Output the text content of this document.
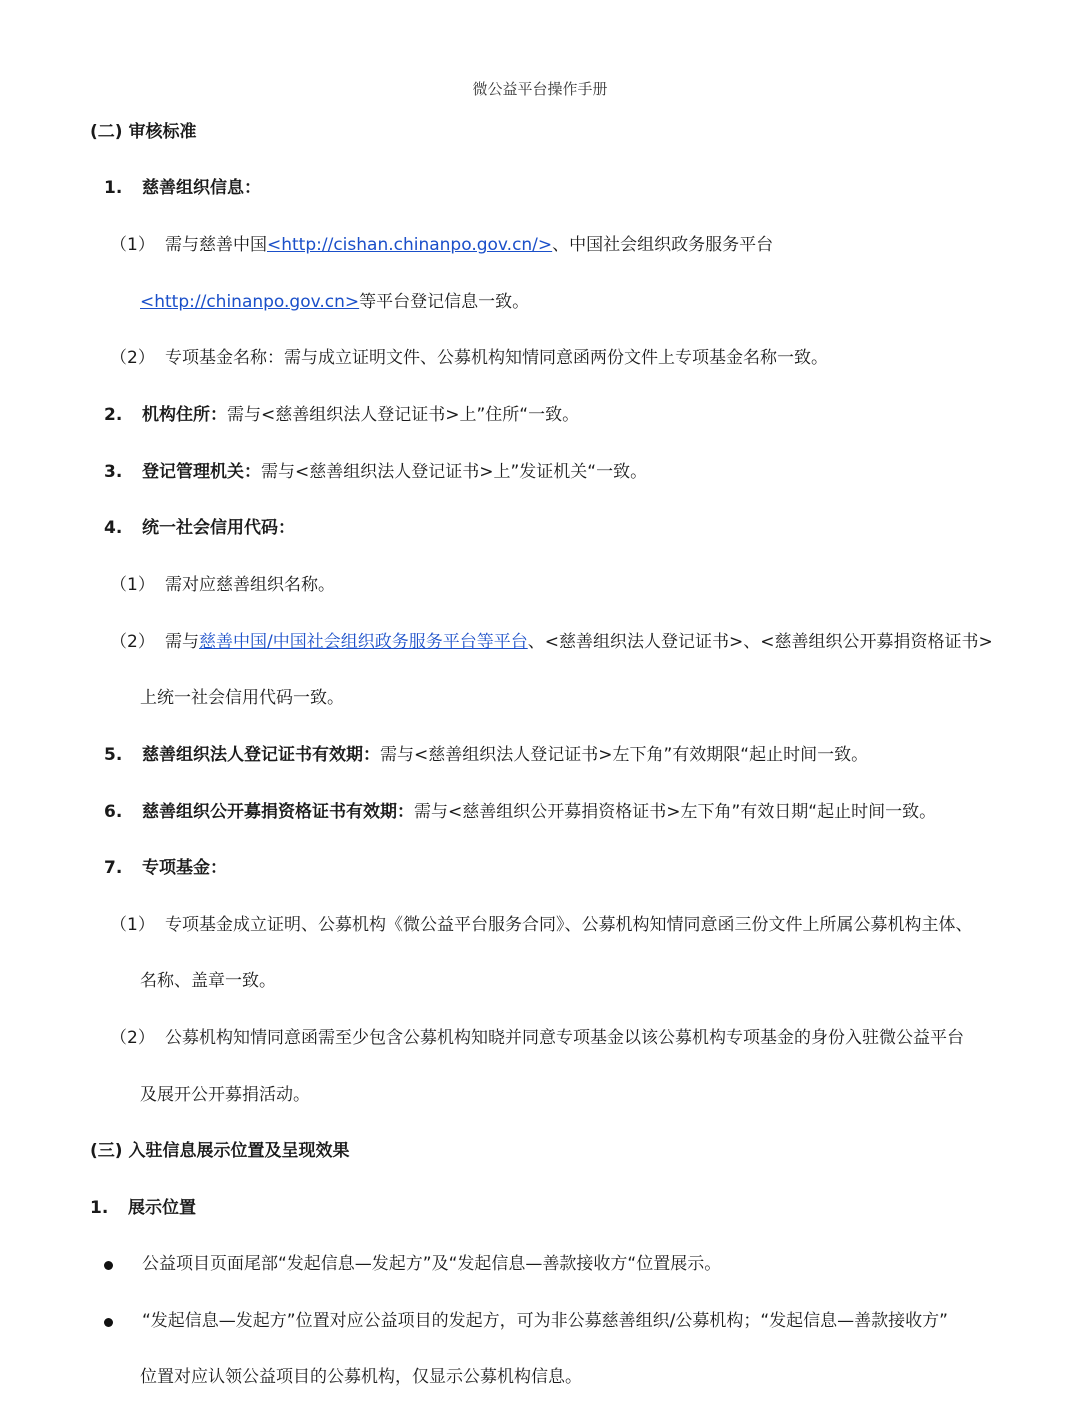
微公益平台操作手册
(二) 审核标准
1. 慈善组织信息：
（1） 需与慈善中国<http://cishan.chinanpo.gov.cn/>、中国社会组织政务服务平台
<http://chinanpo.gov.cn>等平台登记信息一致。
（2） 专项基金名称：需与成立证明文件、公募机构知情同意函两份文件上专项基金名称一致。
2. 机构住所：需与<慈善组织法人登记证书>上”住所“一致。
3. 登记管理机关：需与<慈善组织法人登记证书>上”发证机关“一致。
4. 统一社会信用代码：
（1） 需对应慈善组织名称。
（2） 需与慈善中国/中国社会组织政务服务平台等平台、<慈善组织法人登记证书>、<慈善组织公开募捐资格证书>
上统一社会信用代码一致。
5. 慈善组织法人登记证书有效期：需与<慈善组织法人登记证书>左下角”有效期限“起止时间一致。
6. 慈善组织公开募捐资格证书有效期：需与<慈善组织公开募捐资格证书>左下角”有效日期“起止时间一致。
7. 专项基金：
（1） 专项基金成立证明、公募机构《微公益平台服务合同》、公募机构知情同意函三份文件上所属公募机构主体、
名称、盖章一致。
（2） 公募机构知情同意函需至少包含公募机构知晓并同意专项基金以该公募机构专项基金的身份入驻微公益平台
及展开公开募捐活动。
(三) 入驻信息展示位置及呈现效果
1. 展示位置
公益项目页面尾部“发起信息—发起方”及“发起信息—善款接收方“位置展示。
“发起信息—发起方”位置对应公益项目的发起方，可为非公募慈善组织/公募机构；“发起信息—善款接收方”
位置对应认领公益项目的公募机构，仅显示公募机构信息。
